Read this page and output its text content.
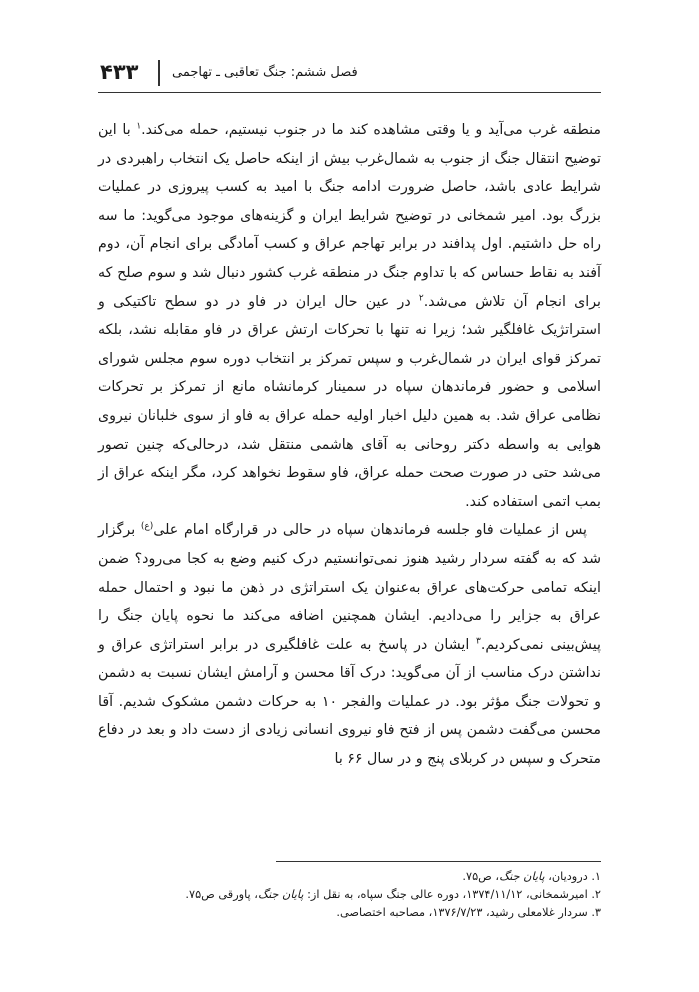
۴۳۳	فصل ششم: جنگ تعاقبی ـ تهاجمی

منطقه غرب می‌آید و یا وقتی مشاهده کند ما در جنوب نیستیم، حمله می‌کند.$^۱$ با این توضیح انتقال جنگ از جنوب به شمال‌غرب بیش از اینکه حاصل یک انتخاب راهبردی در شرایط عادی باشد، حاصل ضرورت ادامه جنگ با امید به کسب پیروزی در عملیات بزرگ بود. امیر شمخانی در توضیح شرایط ایران و گزینه‌های موجود می‌گوید: ما سه راه حل داشتیم. اول پدافند در برابر تهاجم عراق و کسب آمادگی برای انجام آن، دوم آفند به نقاط حساس که با تداوم جنگ در منطقه غرب کشور دنبال شد و سوم صلح که برای انجام آن تلاش می‌شد.$^۲$ در عین حال ایران در فاو در دو سطح تاکتیکی و استراتژیک غافلگیر شد؛ زیرا نه تنها با تحرکات ارتش عراق در فاو مقابله نشد، بلکه تمرکز قوای ایران در شمال‌غرب و سپس تمرکز بر انتخاب دوره سوم مجلس شورای اسلامی و حضور فرماندهان سپاه در سمینار کرمانشاه مانع از تمرکز بر تحرکات نظامی عراق شد. به همین دلیل اخبار اولیه حمله عراق به فاو از سوی خلبانان نیروی هوایی به واسطه دکتر روحانی به آقای هاشمی منتقل شد، درحالی‌که چنین تصور می‌شد حتی در صورت صحت حمله عراق، فاو سقوط نخواهد کرد، مگر اینکه عراق از بمب اتمی استفاده کند.

پس از عملیات فاو جلسه فرماندهان سپاه در حالی در قرارگاه امام علی$^{(ع)}$ برگزار شد که به گفته سردار رشید هنوز نمی‌توانستیم درک کنیم وضع به کجا می‌رود؟ ضمن اینکه تمامی حرکت‌های عراق به‌عنوان یک استراتژی در ذهن ما نبود و احتمال حمله عراق به جزایر را می‌دادیم. ایشان همچنین اضافه می‌کند ما نحوه پایان جنگ را پیش‌بینی نمی‌کردیم.$^۳$ ایشان در پاسخ به علت غافلگیری در برابر استراتژی عراق و نداشتن درک مناسب از آن می‌گوید: درک آقا محسن و آرامش ایشان نسبت به دشمن و تحولات جنگ مؤثر بود. در عملیات والفجر ۱۰ به حرکات دشمن مشکوک شدیم. آقا محسن می‌گفت دشمن پس از فتح فاو نیروی انسانی زیادی از دست داد و بعد در دفاع متحرک و سپس در کربلای پنج و در سال ۶۶ با

۱. درودیان، پایان جنگ، ص۷۵.
۲. امیرشمخانی، ۱۳۷۴/۱۱/۱۲، دوره عالی جنگ سپاه، به نقل از: پایان جنگ، پاورقی ص۷۵.
۳. سردار غلامعلی رشید، ۱۳۷۶/۷/۲۳، مصاحبه اختصاصی.
